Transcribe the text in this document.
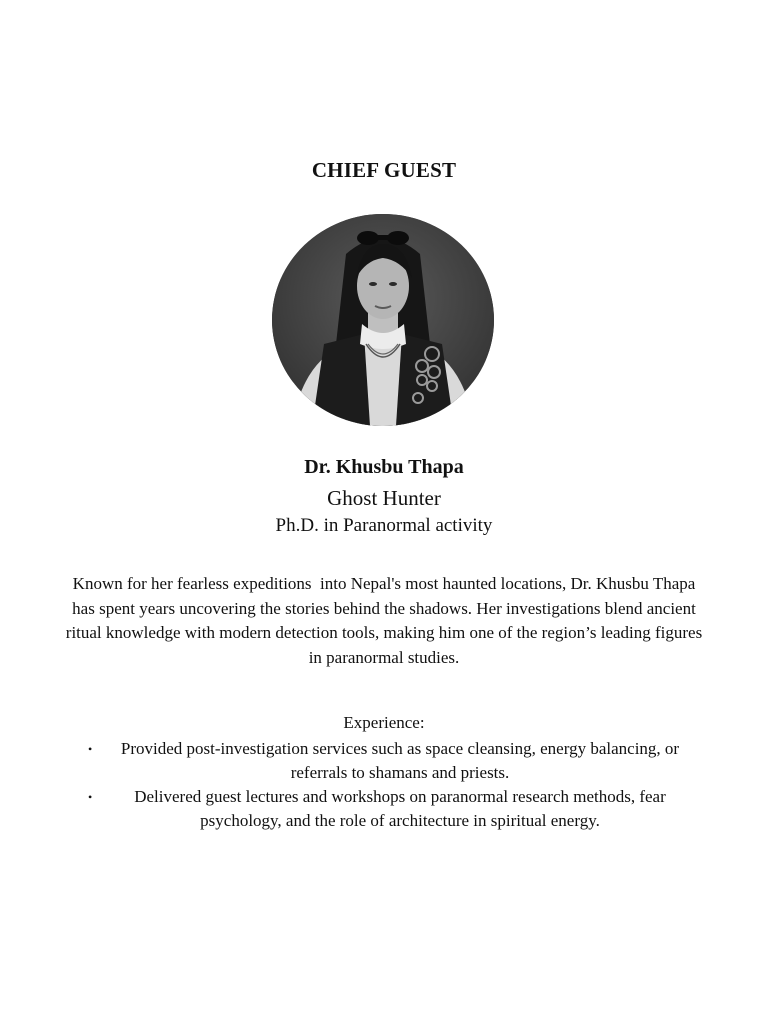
CHIEF GUEST
Dr. Khusbu Thapa
Ghost Hunter
Ph.D. in Paranormal activity
Known for her fearless expeditions  into Nepal's most haunted locations, Dr. Khusbu Thapa has spent years uncovering the stories behind the shadows. Her investigations blend ancient ritual knowledge with modern detection tools, making him one of the region’s leading figures in paranormal studies.
Experience:
• Provided post-investigation services such as space cleansing, energy balancing, or referrals to shamans and priests.
• Delivered guest lectures and workshops on paranormal research methods, fear psychology, and the role of architecture in spiritual energy.
